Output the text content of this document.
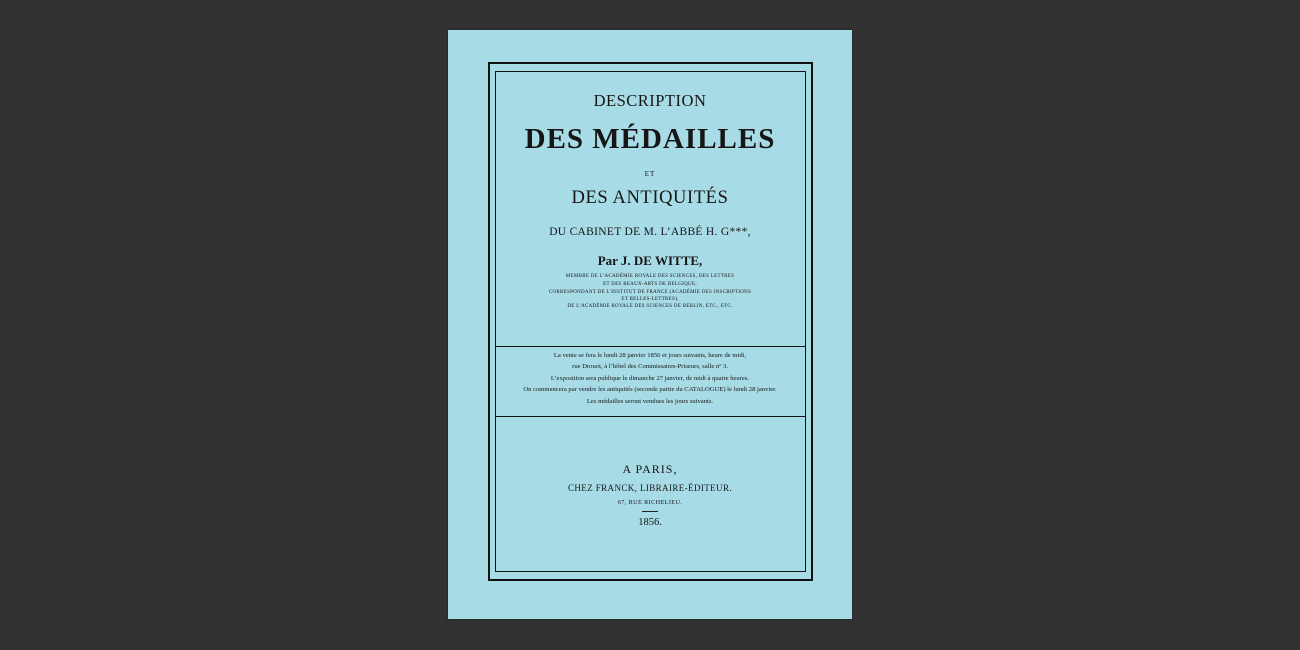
DESCRIPTION
DES MÉDAILLES
ET
DES ANTIQUITÉS
DU CABINET DE M. L’ABBÉ H. G***,
Par J. DE WITTE,
MEMBRE DE L’ACADÉMIE ROYALE DES SCIENCES, DES LETTRES
ET DES BEAUX-ARTS DE BELGIQUE,
CORRESPONDANT DE L’INSTITUT DE FRANCE (ACADÉMIE DES INSCRIPTIONS
ET BELLES-LETTRES),
DE L’ACADÉMIE ROYALE DES SCIENCES DE BERLIN, ETC., ETC.
La vente se fera le lundi 28 janvier 1856 et jours suivants, heure de midi,
rue Drouot, à l’hôtel des Commissaires-Priseurs, salle nº 3.
L’exposition sera publique le dimanche 27 janvier, de midi à quatre heures.
On commencera par vendre les antiquités (seconde partie du CATALOGUE) le lundi 28 janvier.
Les médailles seront vendues les jours suivants.
A PARIS,
CHEZ FRANCK, LIBRAIRE-ÉDITEUR.
67, RUE RICHELIEU.
1856.
